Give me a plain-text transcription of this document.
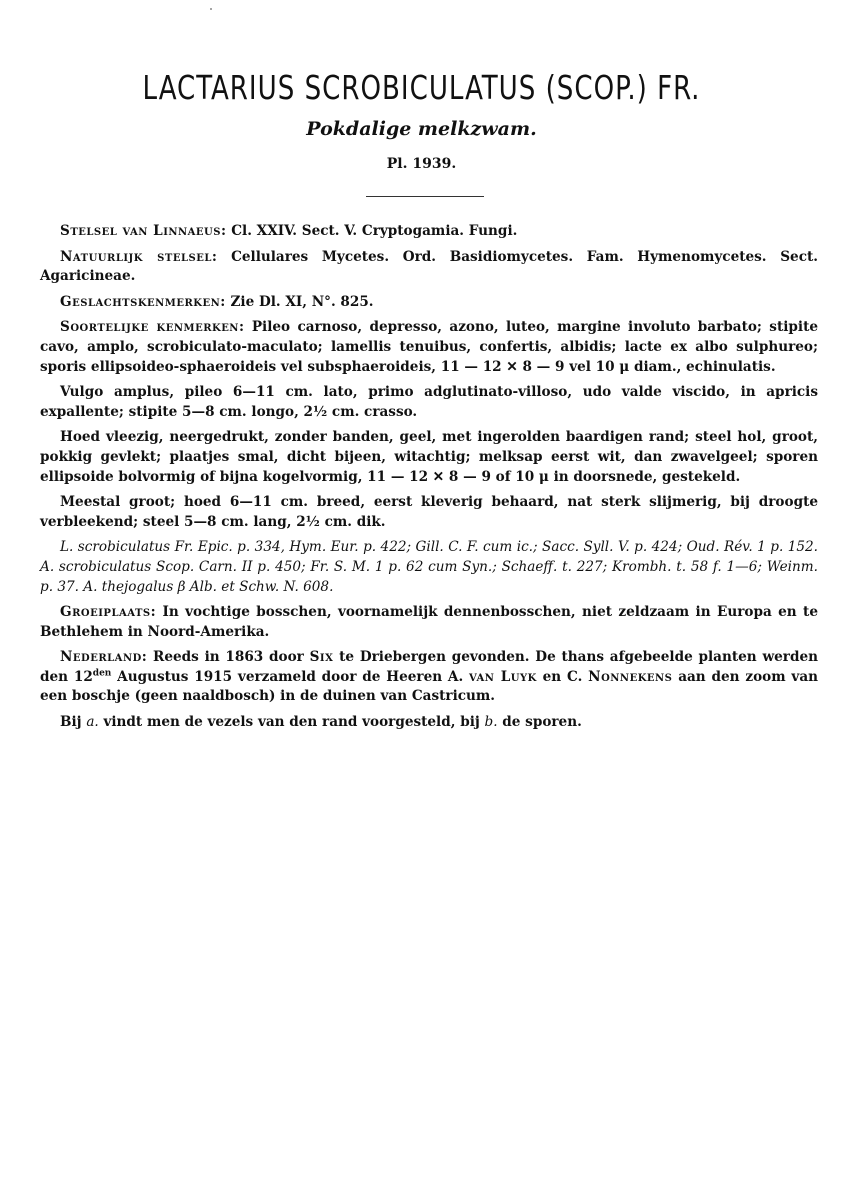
LACTARIUS SCROBICULATUS (SCOP.) FR.
Pokdalige melkzwam.
Pl. 1939.

Stelsel van Linnaeus: Cl. XXIV. Sect. V. Cryptogamia. Fungi.

Natuurlijk stelsel: Cellulares Mycetes. Ord. Basidiomycetes. Fam. Hymenomycetes. Sect. Agaricineae.

Geslachtskenmerken: Zie Dl. XI, N°. 825.

Soortelijke kenmerken: Pileo carnoso, depresso, azono, luteo, margine involuto barbato; stipite cavo, amplo, scrobiculato-maculato; lamellis tenuibus, confertis, albidis; lacte ex albo sulphureo; sporis ellipsoideo-sphaeroideis vel subsphaeroideis, 11 — 12 ✕ 8 — 9 vel 10 μ diam., echinulatis.

Vulgo amplus, pileo 6—11 cm. lato, primo adglutinato-villoso, udo valde viscido, in apricis expallente; stipite 5—8 cm. longo, 2½ cm. crasso.

Hoed vleezig, neergedrukt, zonder banden, geel, met ingerolden baardigen rand; steel hol, groot, pokkig gevlekt; plaatjes smal, dicht bijeen, witachtig; melksap eerst wit, dan zwavelgeel; sporen ellipsoide bolvormig of bijna kogelvormig, 11 — 12 ✕ 8 — 9 of 10 μ in doorsnede, gestekeld.

Meestal groot; hoed 6—11 cm. breed, eerst kleverig behaard, nat sterk slijmerig, bij droogte verbleekend; steel 5—8 cm. lang, 2½ cm. dik.

L. scrobiculatus Fr. Epic. p. 334, Hym. Eur. p. 422; Gill. C. F. cum ic.; Sacc. Syll. V. p. 424; Oud. Rév. 1 p. 152. A. scrobiculatus Scop. Carn. II p. 450; Fr. S. M. 1 p. 62 cum Syn.; Schaeff. t. 227; Krombh. t. 58 f. 1—6; Weinm. p. 37. A. thejogalus β Alb. et Schw. N. 608.

Groeiplaats: In vochtige bosschen, voornamelijk dennenbosschen, niet zeldzaam in Europa en te Bethlehem in Noord-Amerika.

Nederland: Reeds in 1863 door Six te Driebergen gevonden. De thans afgebeelde planten werden den $12^{den}$ Augustus 1915 verzameld door de Heeren A. van Luyk en C. Nonnekens aan den zoom van een boschje (geen naaldbosch) in de duinen van Castricum.

Bij a. vindt men de vezels van den rand voorgesteld, bij b. de sporen.
